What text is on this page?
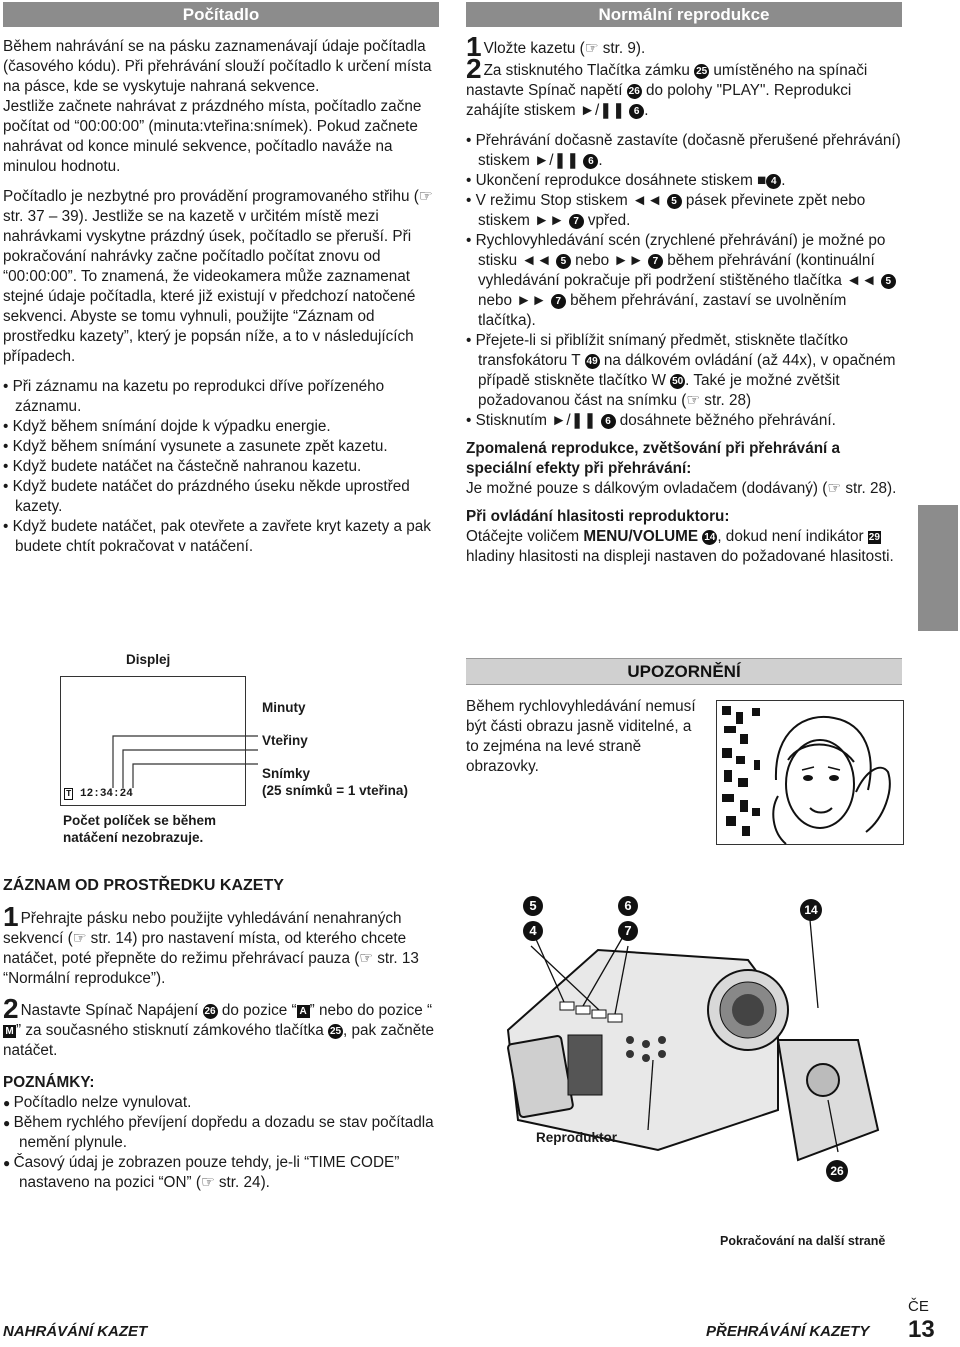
Počítadlo

Během nahrávání se na pásku zaznamenávají údaje počítadla (časového kódu). Při přehrávání slouží počítadlo k určení místa na pásce, kde se vyskytuje nahraná sekvence.

Jestliže začnete nahrávat z prázdného místa, počítadlo začne počítat od “00:00:00” (minuta:vteřina:snímek). Pokud začnete nahrávat od konce minulé sekvence, počítadlo naváže na minulou hodnotu.

Počítadlo je nezbytné pro provádění programovaného střihu (☞ str. 37 – 39). Jestliže se na kazetě v určitém místě mezi nahrávkami vyskytne prázdný úsek, počítadlo se přeruší. Při pokračování nahrávky začne počítadlo počítat znovu od “00:00:00”. To znamená, že videokamera může zaznamenat stejné údaje počítadla, které již existují v předchozí natočené sekvenci. Abyste se tomu vyhnuli, použijte “Záznam od prostředku kazety”, který je popsán níže, a to v následujících případech.

• Při záznamu na kazetu po reprodukci dříve pořízeného záznamu.

• Když během snímání dojde k výpadku energie.

• Když během snímání vysunete a zasunete zpět kazetu.

• Když budete natáčet na částečně nahranou kazetu.

• Když budete natáčet do prázdného úseku někde uprostřed kazety.

• Když budete natáčet, pak otevřete a zavřete kryt kazety a pak budete chtít pokračovat v natáčení.

Displej
T 12:34:24
Minuty
Vteřiny
Snímky
(25 snímků = 1 vteřina)
Počet políček se během natáčení nezobrazuje.
ZÁZNAM OD PROSTŘEDKU KAZETY

1 Přehrajte pásku nebo použijte vyhledávání nenahraných sekvencí (☞ str. 14) pro nastavení místa, od kterého chcete natáčet, poté přepněte do režimu přehrávací pauza (☞ str. 13 “Normální reprodukce”).

2 Nastavte Spínač Napájení 26 do pozice “ A ” nebo do pozice “M ” za současného stisknutí zámkového tlačítka 25 , pak začněte natáčet.

POZNÁMKY:

● Počítadlo nelze vynulovat.

● Během rychlého převíjení dopředu a dozadu se stav počítadla nemění plynule.

● Časový údaj je zobrazen pouze tehdy, je-li “TIME CODE” nastaveno na pozici “ON” (☞ str. 24).

Normální reprodukce

1 Vložte kazetu (☞ str. 9).

2 Za stisknutého Tlačítka zámku 25 umístěného na spínači nastavte Spínač napětí 26 do polohy "PLAY". Reprodukci zahájíte stiskem ►/❚❚ 6 .

• Přehrávání dočasně zastavíte (dočasně přerušené přehrávání) stiskem ►/❚❚ 6 .

• Ukončení reprodukce dosáhnete stiskem ■ 4 .

• V režimu Stop stiskem ◄◄ 5 pásek převinete zpět nebo stiskem ►► 7 vpřed.

• Rychlovyhledávání scén (zrychlené přehrávání) je možné po stisku ◄◄ 5 nebo ►► 7 během přehrávání (kontinuální vyhledávání pokračuje při podržení stištěného tlačítka ◄◄ 5 nebo ►► 7 během přehrávání, zastaví se uvolněním tlačítka).

• Přejete-li si přiblížit snímaný předmět, stiskněte tlačítko transfokátoru T 49 na dálkovém ovládání (až 44x), v opačném případě stiskněte tlačítko W 50 . Také je možné zvětšit požadovanou část na snímku (☞ str. 28)

• Stisknutím ►/❚❚ 6 dosáhnete běžného přehrávání.

Zpomalená reprodukce, zvětšování při přehrávání a speciální efekty při přehrávání:

Je možné pouze s dálkovým ovladačem (dodávaný) (☞ str. 28).

Při ovládání hlasitosti reproduktoru:

Otáčejte voličem MENU/VOLUME 14 , dokud není indikátor 29 hladiny hlasitosti na displeji nastaven do požadované hlasitosti.

UPOZORNĚNÍ
Během rychlovyhledávání nemusí být části obrazu jasně viditelné, a to zejména na levé straně obrazovky.
5	6
4	7
14
26
Reproduktor
Pokračování na další straně
ČE
NAHRÁVÁNÍ KAZET	PŘEHRÁVÁNÍ KAZETY 13
